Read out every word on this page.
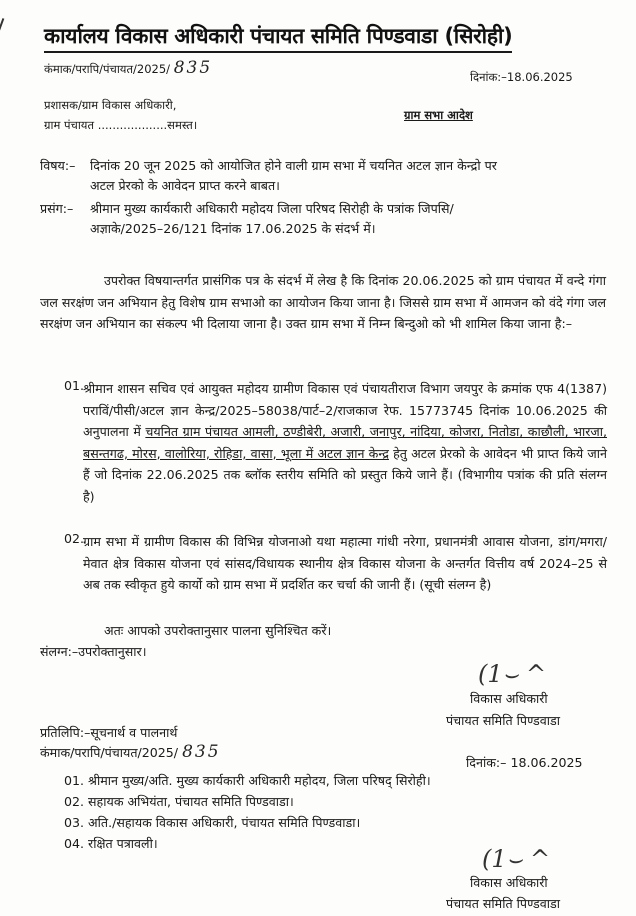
कार्यालय विकास अधिकारी पंचायत समिति पिण्डवाडा (सिरोही)
कंमाक/परापि/पंचायत/2025/ 835	दिनांक:–18.06.2025
प्रशासक/ग्राम विकास अधिकारी,
ग्राम पंचायत ...................समस्त।
ग्राम सभा आदेश
विषय:– दिनांक 20 जून 2025 को आयोजित होने वाली ग्राम सभा में चयनित अटल ज्ञान केन्द्रो पर
अटल प्रेरको के आवेदन प्राप्त करने बाबत।
प्रसंग:– श्रीमान मुख्य कार्यकारी अधिकारी महोदय जिला परिषद सिरोही के पत्रांक जिपसि/
अज्ञाके/2025–26/121 दिनांक 17.06.2025 के संदर्भ में।
उपरोक्त विषयान्तर्गत प्रासंगिक पत्र के संदर्भ में लेख है कि दिनांक 20.06.2025 को ग्राम पंचायत में वन्दे गंगा जल सरक्षंण जन अभियान हेतु विशेष ग्राम सभाओ का आयोजन किया जाना है। जिससे ग्राम सभा में आमजन को वंदे गंगा जल सरक्षंण जन अभियान का संकल्प भी दिलाया जाना है। उक्त ग्राम सभा में निम्न बिन्दुओ को भी शामिल किया जाना है:–
01.
श्रीमान शासन सचिव एवं आयुक्त महोदय ग्रामीण विकास एवं पंचायतीराज विभाग जयपुर के क्रमांक एफ 4(1387) पराविं/पीसी/अटल ज्ञान केन्द्र/2025–58038/पार्ट–2/राजकाज रेफ. 15773745 दिनांक 10.06.2025 की अनुपालना में चयनित ग्राम पंचायत आमली, ठण्डीबेरी, अजारी, जनापुर, नांदिया, कोजरा, नितोडा, काछौली, भारजा, बसन्तगढ, मोरस, वालोरिया, रोहिडा, वासा, भूला में अटल ज्ञान केन्द्र हेतु अटल प्रेरको के आवेदन भी प्राप्त किये जाने हैं जो दिनांक 22.06.2025 तक ब्लॉक स्तरीय समिति को प्रस्तुत किये जाने हैं। (विभागीय पत्रांक की प्रति संलग्न है)
02.
ग्राम सभा में ग्रामीण विकास की विभिन्न योजनाओ यथा महात्मा गांधी नरेगा, प्रधानमंत्री आवास योजना, डांग/मगरा/मेवात क्षेत्र विकास योजना एवं सांसद/विधायक स्थानीय क्षेत्र विकास योजना के अन्तर्गत वित्तीय वर्ष 2024–25 से अब तक स्वीकृत हुये कार्यो को ग्राम सभा में प्रदर्शित कर चर्चा की जानी हैं। (सूची संलग्न है)
अतः आपको उपरोक्तानुसार पालना सुनिश्चित करें।
संलग्न:–उपरोक्तानुसार।
(1⌣ ^
विकास अधिकारी
पंचायत समिति पिण्डवाडा
प्रतिलिपि:–सूचनार्थ व पालनार्थ
कंमाक/परापि/पंचायत/2025/ 835
दिनांक:– 18.06.2025
01. श्रीमान मुख्य/अति. मुख्य कार्यकारी अधिकारी महोदय, जिला परिषद् सिरोही।
02. सहायक अभियंता, पंचायत समिति पिण्डवाडा।
03. अति./सहायक विकास अधिकारी, पंचायत समिति पिण्डवाडा।
04. रक्षित पत्रावली।
(1⌣ ^
विकास अधिकारी
पंचायत समिति पिण्डवाडा
